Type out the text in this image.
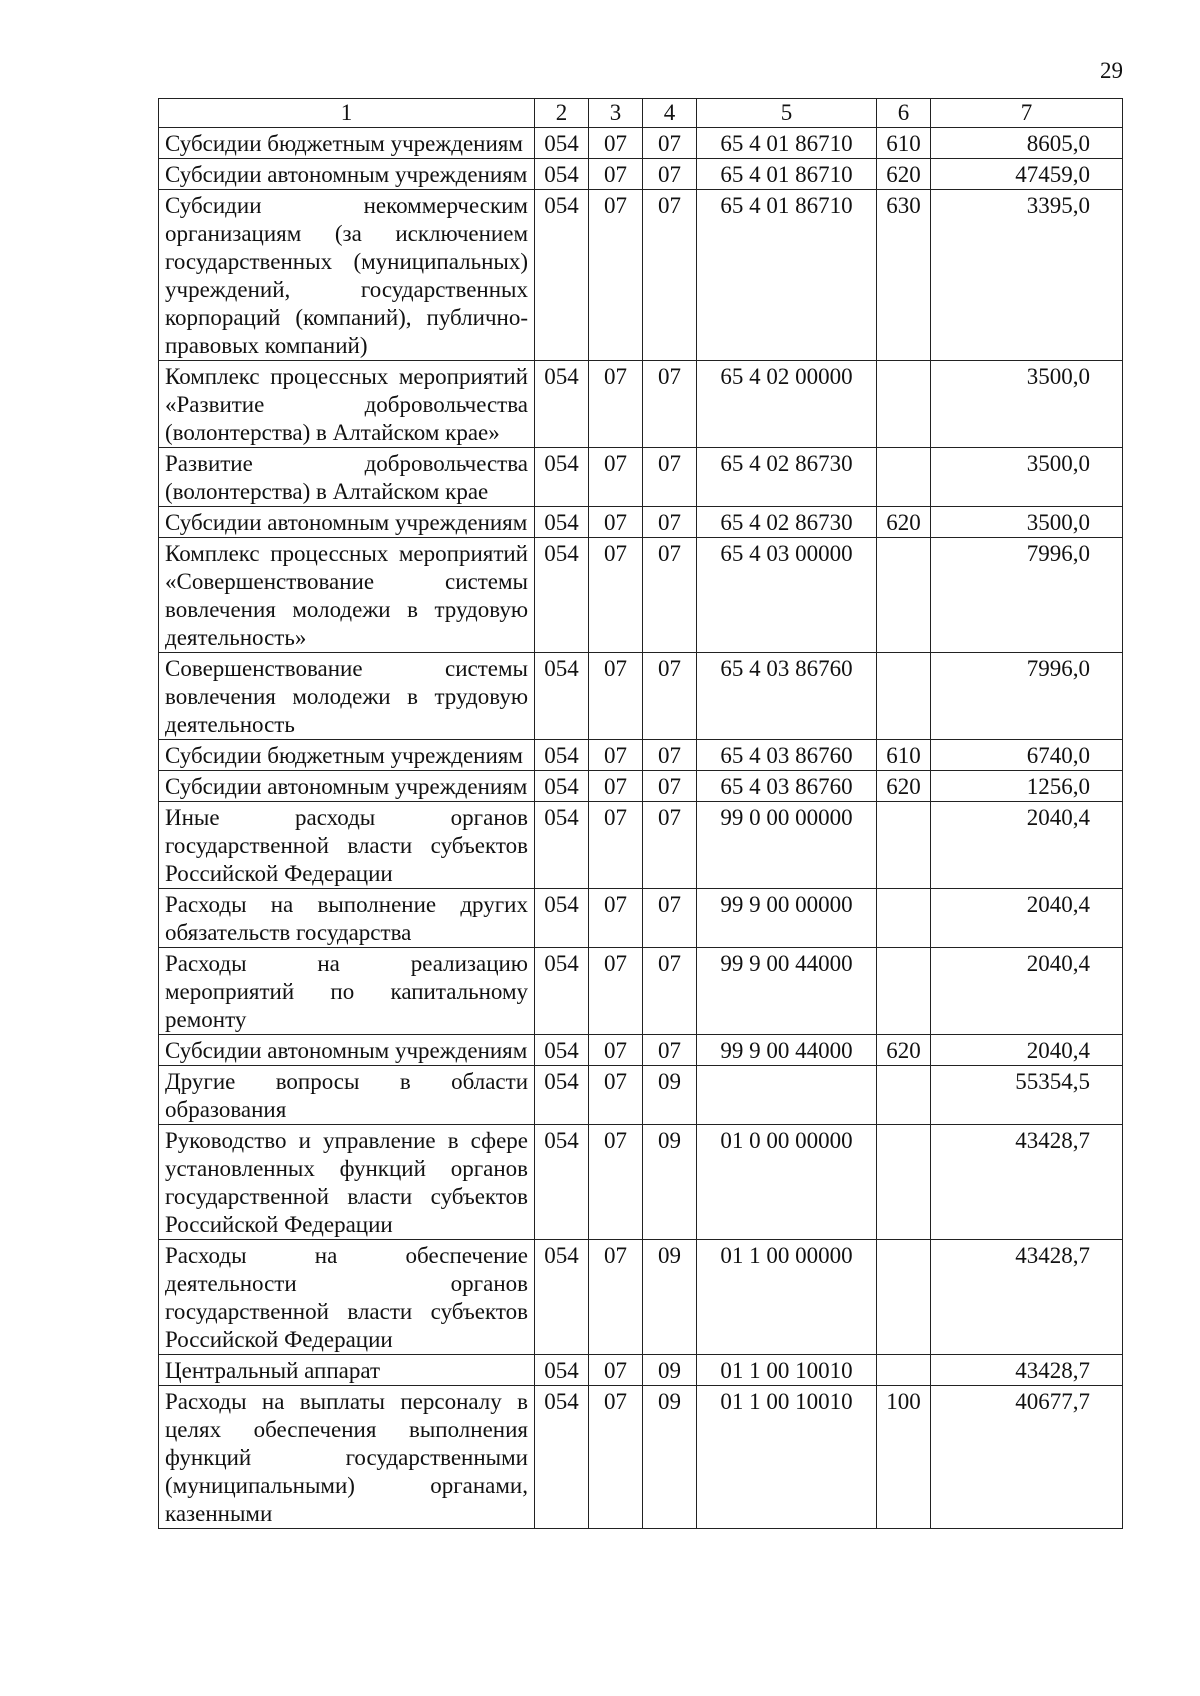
29
1	2	3	4	5	6	7
Субсидии бюджетным учреждениям	054	07	07	65 4 01 86710	610	8605,0
Субсидии автономным учреждениям	054	07	07	65 4 01 86710	620	47459,0
Субсидии некоммерческим организациям (за исключением государственных (муниципальных) учреждений, государственных корпораций (компаний), публично-правовых компаний)	054	07	07	65 4 01 86710	630	3395,0
Комплекс процессных мероприятий «Развитие добровольчества (волонтерства) в Алтайском крае»	054	07	07	65 4 02 00000		3500,0
Развитие добровольчества (волонтерства) в Алтайском крае	054	07	07	65 4 02 86730		3500,0
Субсидии автономным учреждениям	054	07	07	65 4 02 86730	620	3500,0
Комплекс процессных мероприятий «Совершенствование системы вовлечения молодежи в трудовую деятельность»	054	07	07	65 4 03 00000		7996,0
Совершенствование системы вовлечения молодежи в трудовую деятельность	054	07	07	65 4 03 86760		7996,0
Субсидии бюджетным учреждениям	054	07	07	65 4 03 86760	610	6740,0
Субсидии автономным учреждениям	054	07	07	65 4 03 86760	620	1256,0
Иные расходы органов государственной власти субъектов Российской Федерации	054	07	07	99 0 00 00000		2040,4
Расходы на выполнение других обязательств государства	054	07	07	99 9 00 00000		2040,4
Расходы на реализацию мероприятий по капитальному ремонту	054	07	07	99 9 00 44000		2040,4
Субсидии автономным учреждениям	054	07	07	99 9 00 44000	620	2040,4
Другие вопросы в области образования	054	07	09			55354,5
Руководство и управление в сфере установленных функций органов государственной власти субъектов Российской Федерации	054	07	09	01 0 00 00000		43428,7
Расходы на обеспечение деятельности органов государственной власти субъектов Российской Федерации	054	07	09	01 1 00 00000		43428,7
Центральный аппарат	054	07	09	01 1 00 10010		43428,7
Расходы на выплаты персоналу в целях обеспечения выполнения функций государственными (муниципальными) органами, казенными	054	07	09	01 1 00 10010	100	40677,7
